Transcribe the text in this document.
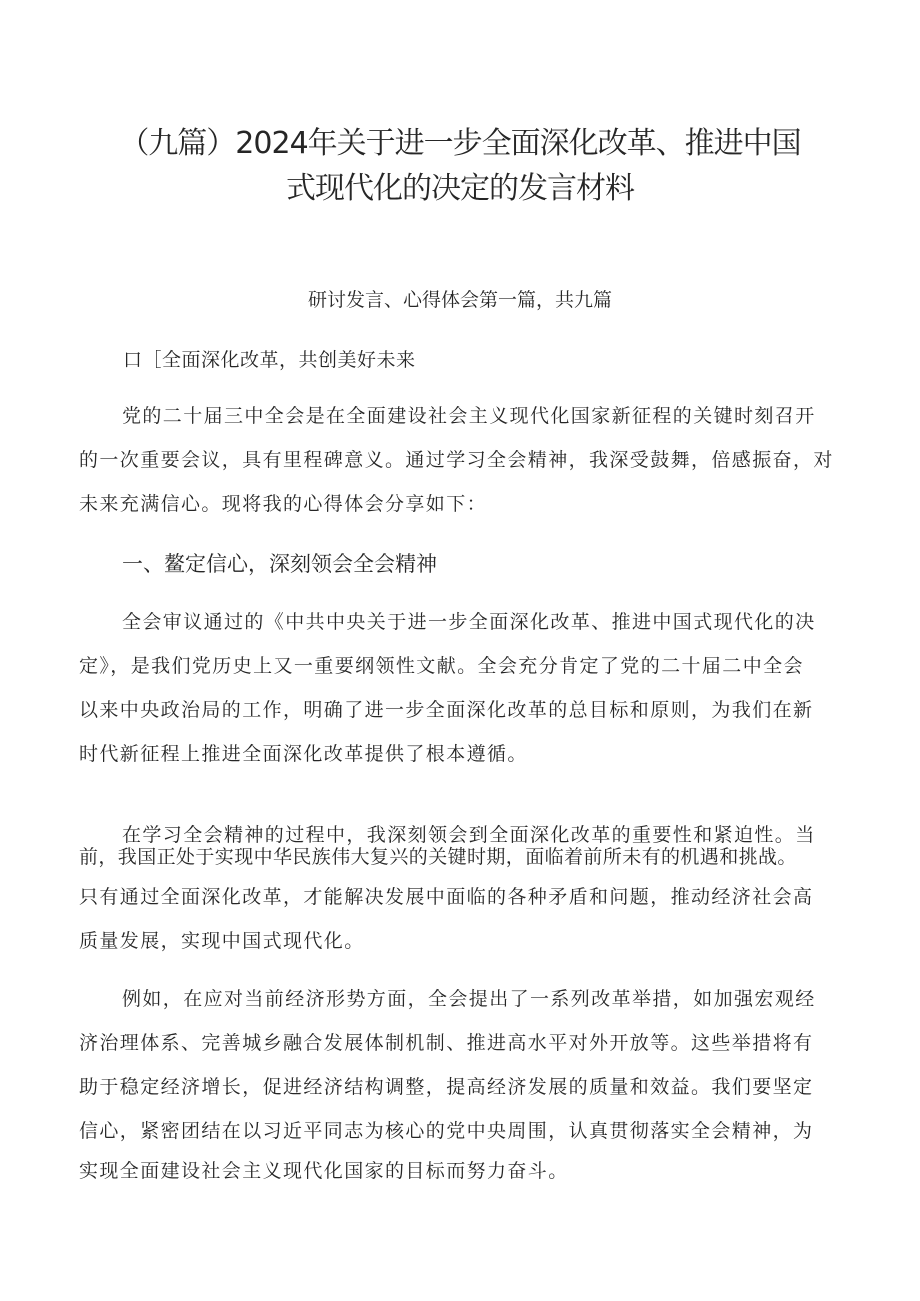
（九篇）2024年关于进一步全面深化改革、推进中国
式现代化的决定的发言材料
研讨发言、心得体会第一篇，共九篇
口［全面深化改革，共创美好未来
党的二十届三中全会是在全面建设社会主义现代化国家新征程的关键时刻召开
的一次重要会议，具有里程碑意义。通过学习全会精神，我深受鼓舞，倍感振奋，对
未来充满信心。现将我的心得体会分享如下：
一、鳌定信心，深刻领会全会精神
全会审议通过的《中共中央关于进一步全面深化改革、推进中国式现代化的决
定》，是我们党历史上又一重要纲领性文献。全会充分肯定了党的二十届二中全会
以来中央政治局的工作，明确了进一步全面深化改革的总目标和原则，为我们在新
时代新征程上推进全面深化改革提供了根本遵循。
在学习全会精神的过程中，我深刻领会到全面深化改革的重要性和紧迫性。当
前，我国正处于实现中华民族伟大复兴的关键时期，面临着前所未有的机遇和挑战。
只有通过全面深化改革，才能解决发展中面临的各种矛盾和问题，推动经济社会高
质量发展，实现中国式现代化。
例如，在应对当前经济形势方面，全会提出了一系列改革举措，如加强宏观经
济治理体系、完善城乡融合发展体制机制、推进高水平对外开放等。这些举措将有
助于稳定经济增长，促进经济结构调整，提高经济发展的质量和效益。我们要坚定
信心，紧密团结在以习近平同志为核心的党中央周围，认真贯彻落实全会精神，为
实现全面建设社会主义现代化国家的目标而努力奋斗。
